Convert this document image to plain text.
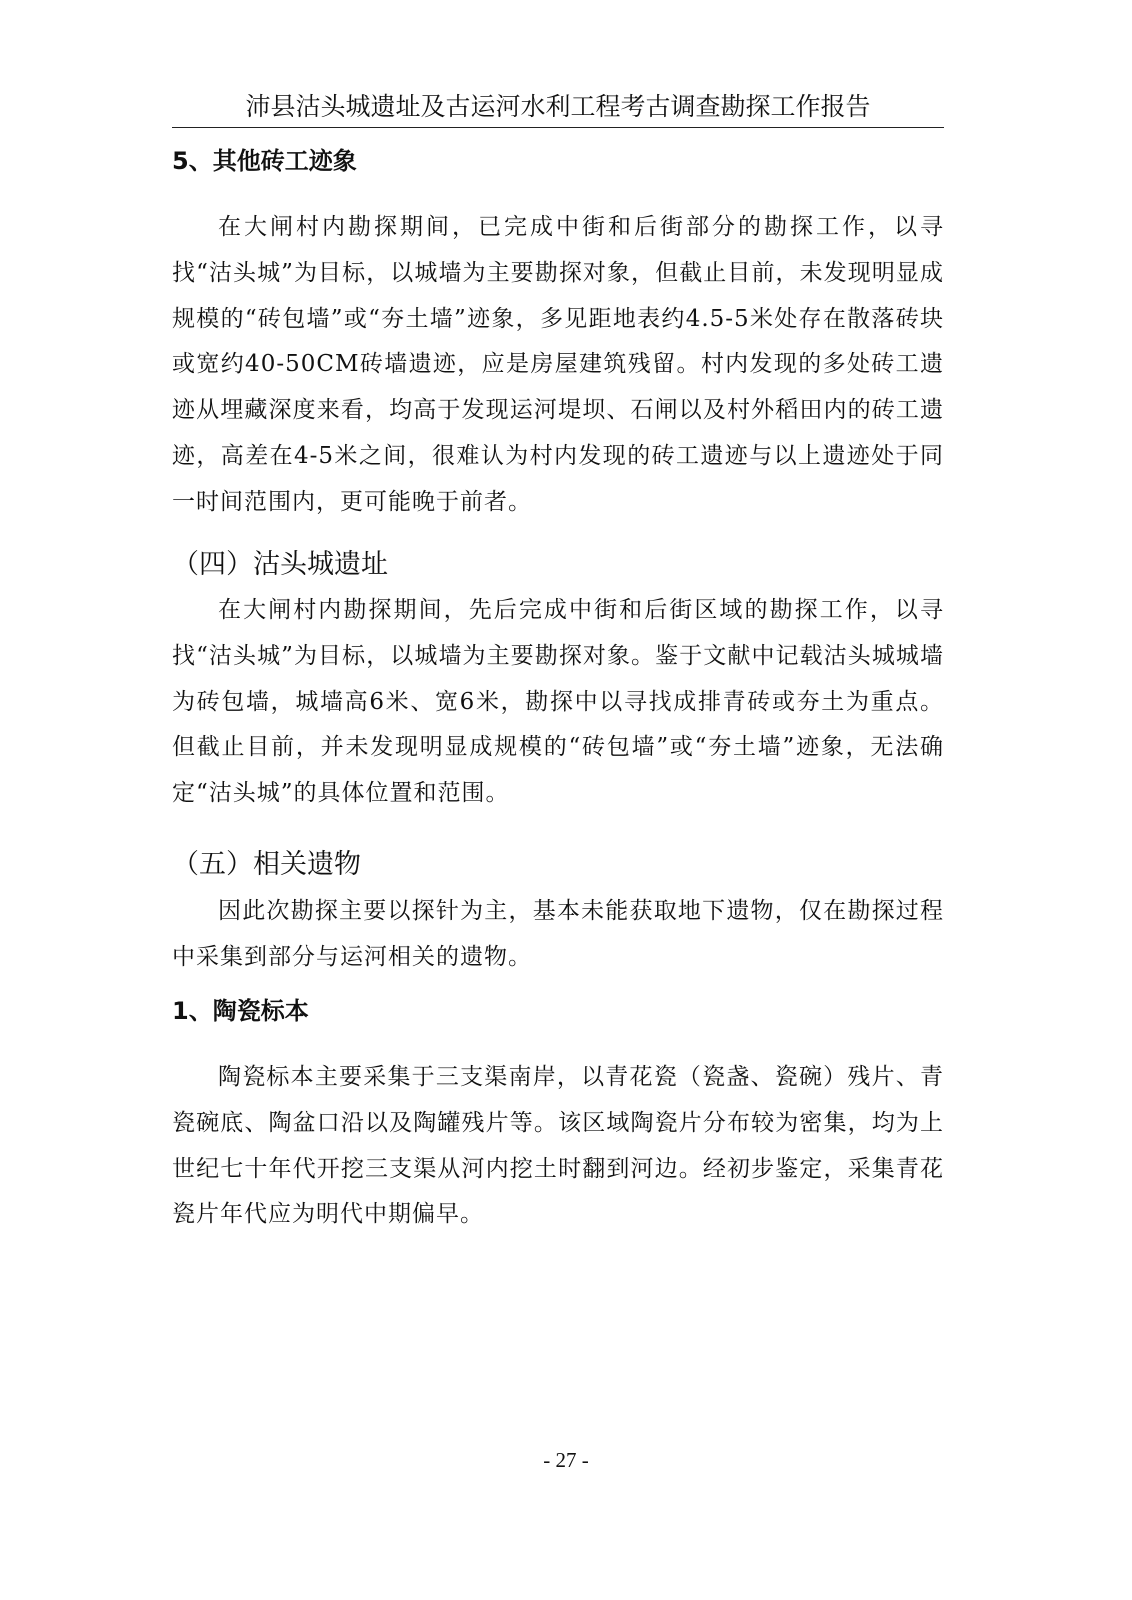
沛县沽头城遗址及古运河水利工程考古调查勘探工作报告
5、其他砖工迹象

在大闸村内勘探期间，已完成中街和后街部分的勘探工作，以寻找“沽头城”为目标，以城墙为主要勘探对象，但截止目前，未发现明显成规模的“砖包墙”或“夯土墙”迹象，多见距地表约4.5-5米处存在散落砖块或宽约40-50CM砖墙遗迹，应是房屋建筑残留。村内发现的多处砖工遗迹从埋藏深度来看，均高于发现运河堤坝、石闸以及村外稻田内的砖工遗迹，高差在4-5米之间，很难认为村内发现的砖工遗迹与以上遗迹处于同一时间范围内，更可能晚于前者。

（四）沽头城遗址

在大闸村内勘探期间，先后完成中街和后街区域的勘探工作，以寻找“沽头城”为目标，以城墙为主要勘探对象。鉴于文献中记载沽头城城墙为砖包墙，城墙高6米、宽6米，勘探中以寻找成排青砖或夯土为重点。但截止目前，并未发现明显成规模的“砖包墙”或“夯土墙”迹象，无法确定“沽头城”的具体位置和范围。

（五）相关遗物

因此次勘探主要以探针为主，基本未能获取地下遗物，仅在勘探过程中采集到部分与运河相关的遗物。

1、陶瓷标本

陶瓷标本主要采集于三支渠南岸，以青花瓷（瓷盏、瓷碗）残片、青瓷碗底、陶盆口沿以及陶罐残片等。该区域陶瓷片分布较为密集，均为上世纪七十年代开挖三支渠从河内挖土时翻到河边。经初步鉴定，采集青花瓷片年代应为明代中期偏早。

- 27 -
